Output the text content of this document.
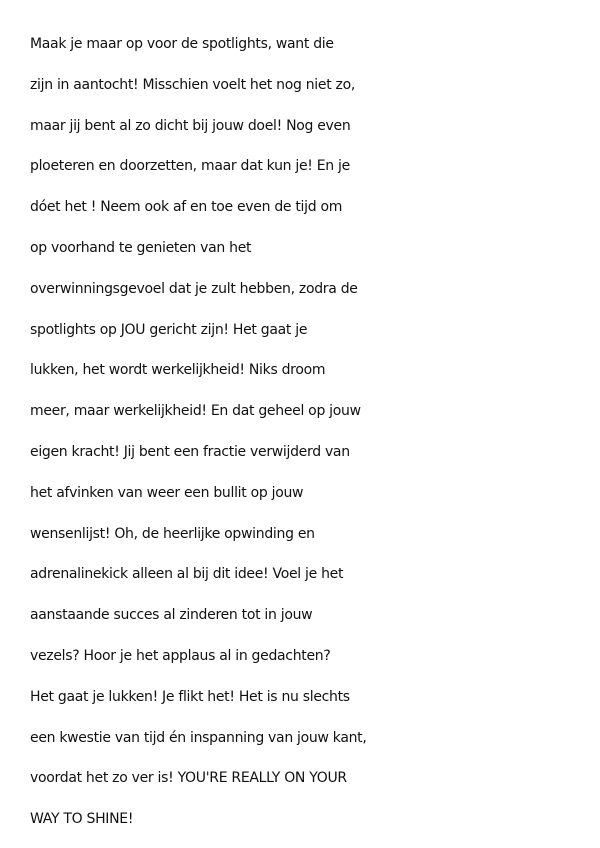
Maak je maar op voor de spotlights, want die
zijn in aantocht! Misschien voelt het nog niet zo,
maar jij bent al zo dicht bij jouw doel! Nog even
ploeteren en doorzetten, maar dat kun je! En je
dóet het ! Neem ook af en toe even de tijd om
op voorhand te genieten van het
overwinningsgevoel dat je zult hebben, zodra de
spotlights op JOU gericht zijn! Het gaat je
lukken, het wordt werkelijkheid! Niks droom
meer, maar werkelijkheid! En dat geheel op jouw
eigen kracht! Jij bent een fractie verwijderd van
het afvinken van weer een bullit op jouw
wensenlijst! Oh, de heerlijke opwinding en
adrenalinekick alleen al bij dit idee! Voel je het
aanstaande succes al zinderen tot in jouw
vezels? Hoor je het applaus al in gedachten?
Het gaat je lukken! Je flikt het! Het is nu slechts
een kwestie van tijd én inspanning van jouw kant,
voordat het zo ver is! YOU'RE REALLY ON YOUR
WAY TO SHINE!
